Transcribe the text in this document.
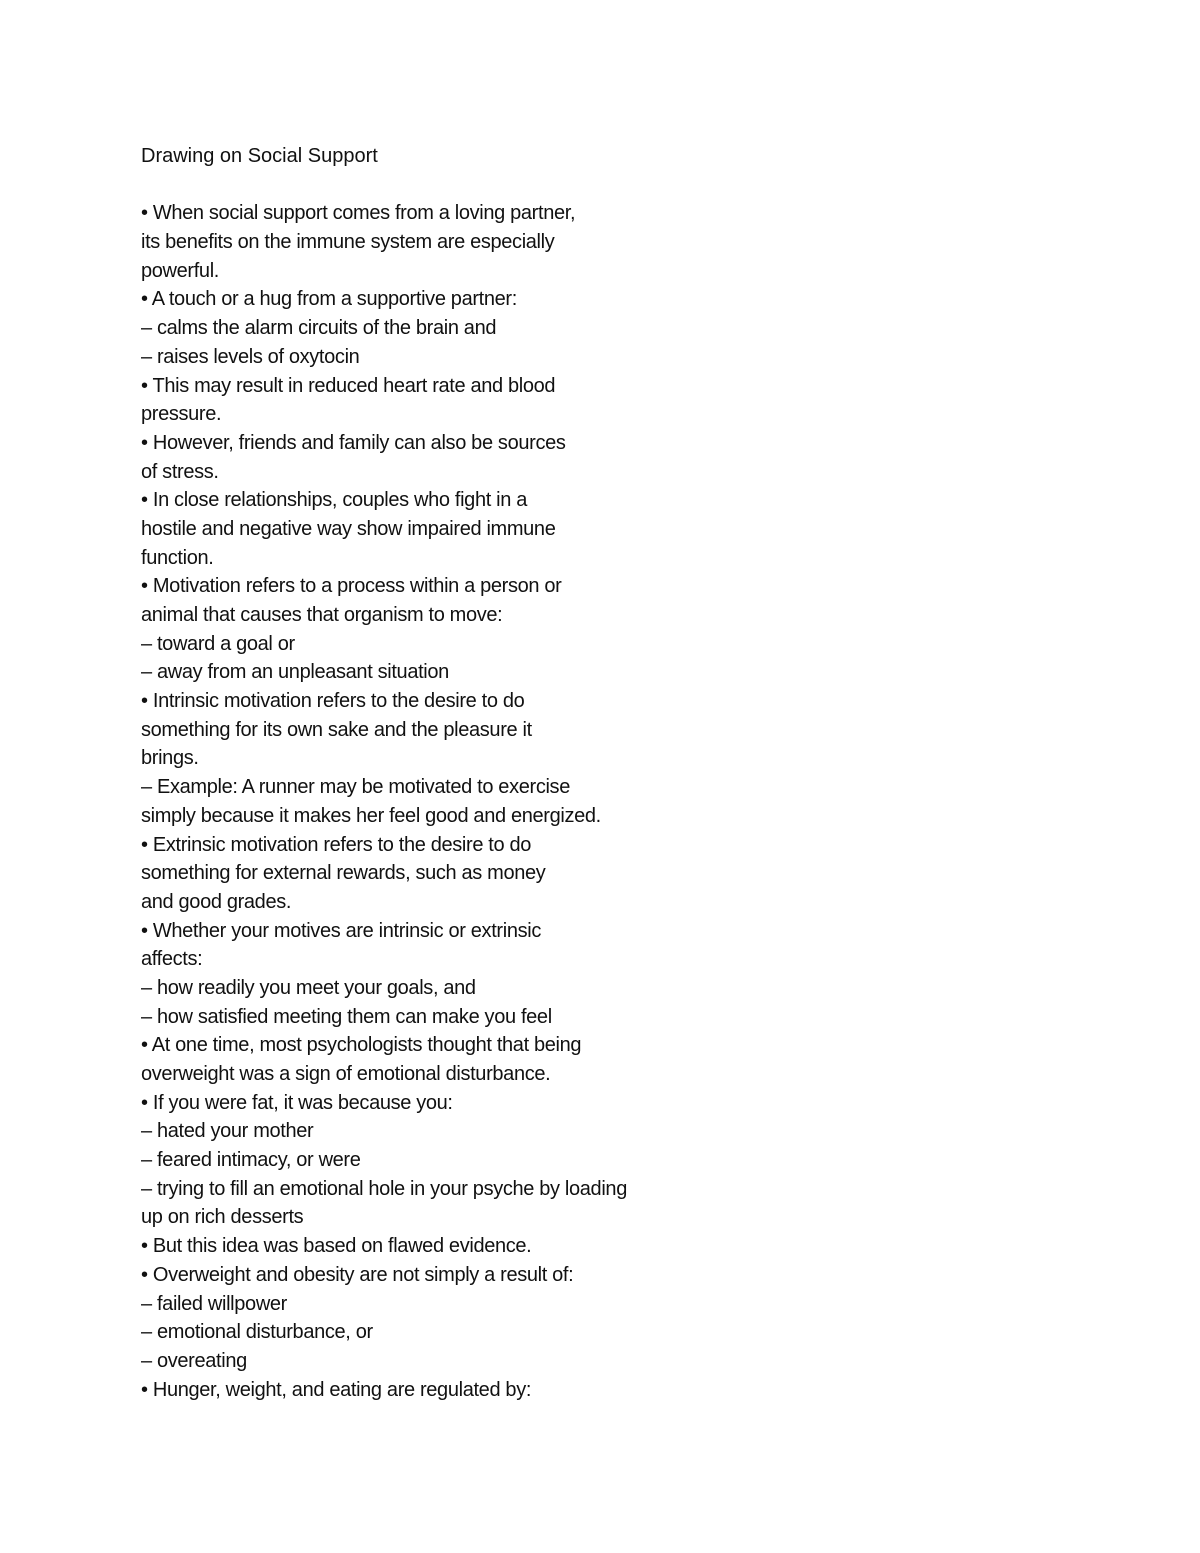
Drawing on Social Support

• When social support comes from a loving partner,

its benefits on the immune system are especially

powerful.

• A touch or a hug from a supportive partner:

– calms the alarm circuits of the brain and

– raises levels of oxytocin

• This may result in reduced heart rate and blood

pressure.

• However, friends and family can also be sources

of stress.

• In close relationships, couples who fight in a

hostile and negative way show impaired immune

function.

• Motivation refers to a process within a person or

animal that causes that organism to move:

– toward a goal or

– away from an unpleasant situation

• Intrinsic motivation refers to the desire to do

something for its own sake and the pleasure it

brings.

– Example: A runner may be motivated to exercise

simply because it makes her feel good and energized.

• Extrinsic motivation refers to the desire to do

something for external rewards, such as money

and good grades.

• Whether your motives are intrinsic or extrinsic

affects:

– how readily you meet your goals, and

– how satisfied meeting them can make you feel

• At one time, most psychologists thought that being

overweight was a sign of emotional disturbance.

• If you were fat, it was because you:

– hated your mother

– feared intimacy, or were

– trying to fill an emotional hole in your psyche by loading

up on rich desserts

• But this idea was based on flawed evidence.

• Overweight and obesity are not simply a result of:

– failed willpower

– emotional disturbance, or

– overeating

• Hunger, weight, and eating are regulated by:
